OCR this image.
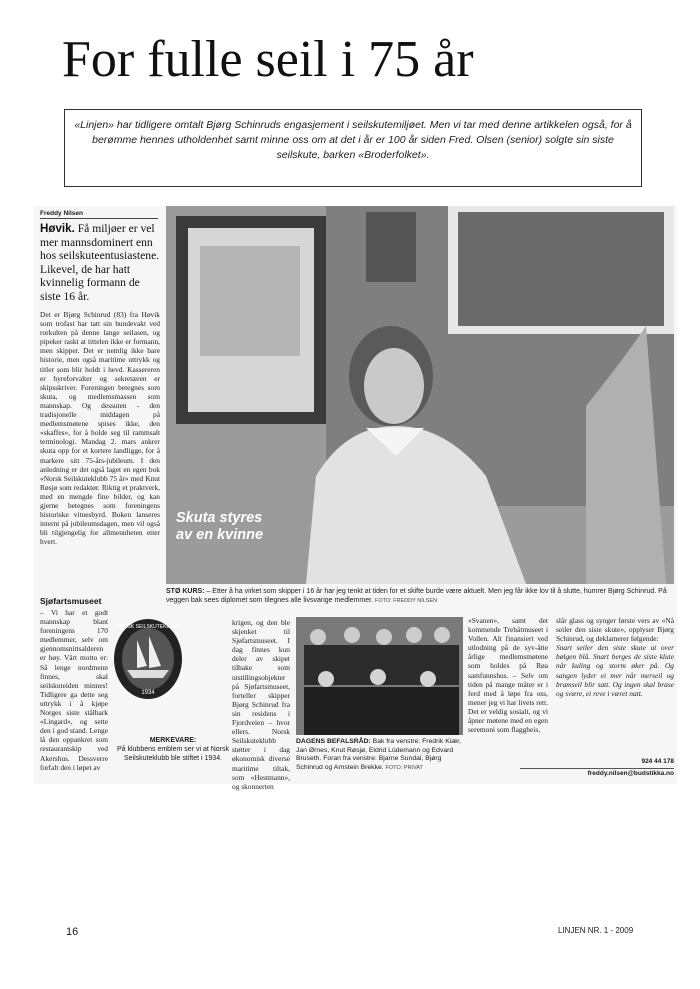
For fulle seil i 75 år
«Linjen» har tidligere omtalt Bjørg Schinruds engasjement i seilskutemiljøet. Men vi tar med denne artikkelen også, for å berømme hennes utholdenhet samt minne oss om at det i år er 100 år siden Fred. Olsen (senior) solgte sin siste seilskute, barken «Broderfolket».
Freddy Nilsen
Høvik. Få miljøer er vel mer mannsdominert enn hos seilskuteentusiastene. Likevel, de har hatt kvinnelig formann de siste 16 år.
Det er Bjørg Schinrud (83) fra Høvik som trofast har tatt sin hundevakt ved rorkulten på denne lange seilasen, og pipeker raskt at tittelen ikke er formann, men skipper. Det er nemlig ikke bare historie, men også maritime uttrykk og titler som blir holdt i hevd. Kassereren er hyreforvalter og sekretæren er skipsskriver. Foreningen betegnes som skuta, og medlemsmassen som mannskap. Og dessuten - den tradisjonelle middagen på medlemsmøtene spises ikke, den «skaffes», for å holde seg til rammsalt terminologi. Mandag 2. mars ankrer skuta opp for et kortere landligge, for å markere sitt 75-års-jubileum. I den anledning er det også laget en egen bok «Norsk Seilskuteklubb 75 år» med Knut Røsjø som redaktør. Riktig et praktverk, med en mengde fine bilder, og kan gjerne betegnes som foreningens historiske vitnesbyrd. Boken lanseres internt på jubileumsdagen, men vil også bli tilgjengelig for allmennheten etter hvert.
Skuta styres av en kvinne
STØ KURS: – Etter å ha virket som skipper i 16 år har jeg tenkt at tiden for et skifte burde være aktuelt. Men jeg får ikke lov til å slutte, humrer Bjørg Schinrud. På veggen bak sees diplomet som tilegnes alle livsvarige medlemmer. FOTO: FREDDY NILSEN
Sjøfartsmuseet
– Vi har et godt mannskap blant foreningens 170 medlemmer, selv om gjennomsnittsalderen er høy. Vårt motto er: Så lenge nordmenn finnes, skal seilskuteiden minnes! Tidligere ga dette seg uttrykk i å kjøpe Norges siste stålbark «Lingard», og sette den i god stand. Lenge lå den oppankret som restaurantskip ved Akershus. Dessverre forfalt den i løpet av
NORSK SEILSKUTEKLUBB
1934
MERKEVARE:
På klubbens emblem ser vi at Norsk Seilskuteklubb ble stiftet i 1934.
krigen, og den ble skjenket til Sjøfartsmuseet. I dag finnes kun deler av skipet tilbake som utstillingsobjekter på Sjøfartsmuseet, forteller skipper Bjørg Schinrud fra sin residens i Fjordveien – hvor ellers. Norsk Seilskuteklubb støtter i dag økonomisk diverse maritime tiltak, som «Hestmann», og skonnerten
DAGENS BEFALSRÅD: Bak fra venstre: Fredrik Kiær, Jan Ørnes, Knut Røsjø, Eldrid Lüdemann og Edvard Bruseth. Foran fra venstre: Bjarne Sundal, Bjørg Schinrud og Arnstein Brekke. FOTO: PRIVAT
«Svanen», samt det kommende Trebåtmuseet i Vollen. Alt finansiert ved utlodning på de syv-åtte årlige medlemsmøtene som holdes på Røa samfunnshus. – Selv om tiden på mange måter er i ferd med å løpe fra oss, mener jeg vi har livets rett. Det er veldig sosialt, og vi åpner møtene med en egen seremoni som flaggheis,
slår glass og synger første vers av «Nå seiler den siste skute», opplyser Bjørg Schinrud, og deklamerer følgende:
Snart seiler den siste skute ut over bølgen blå. Snart berges de siste klute når kuling og storm øker på. Og sangen lyder ei mer når merseil og bramseil blir satt. Og ingen skal brase og svære, ei reve i været natt.
924 44 178
freddy.nilsen@budstikka.no
16	LINJEN NR. 1 - 2009
